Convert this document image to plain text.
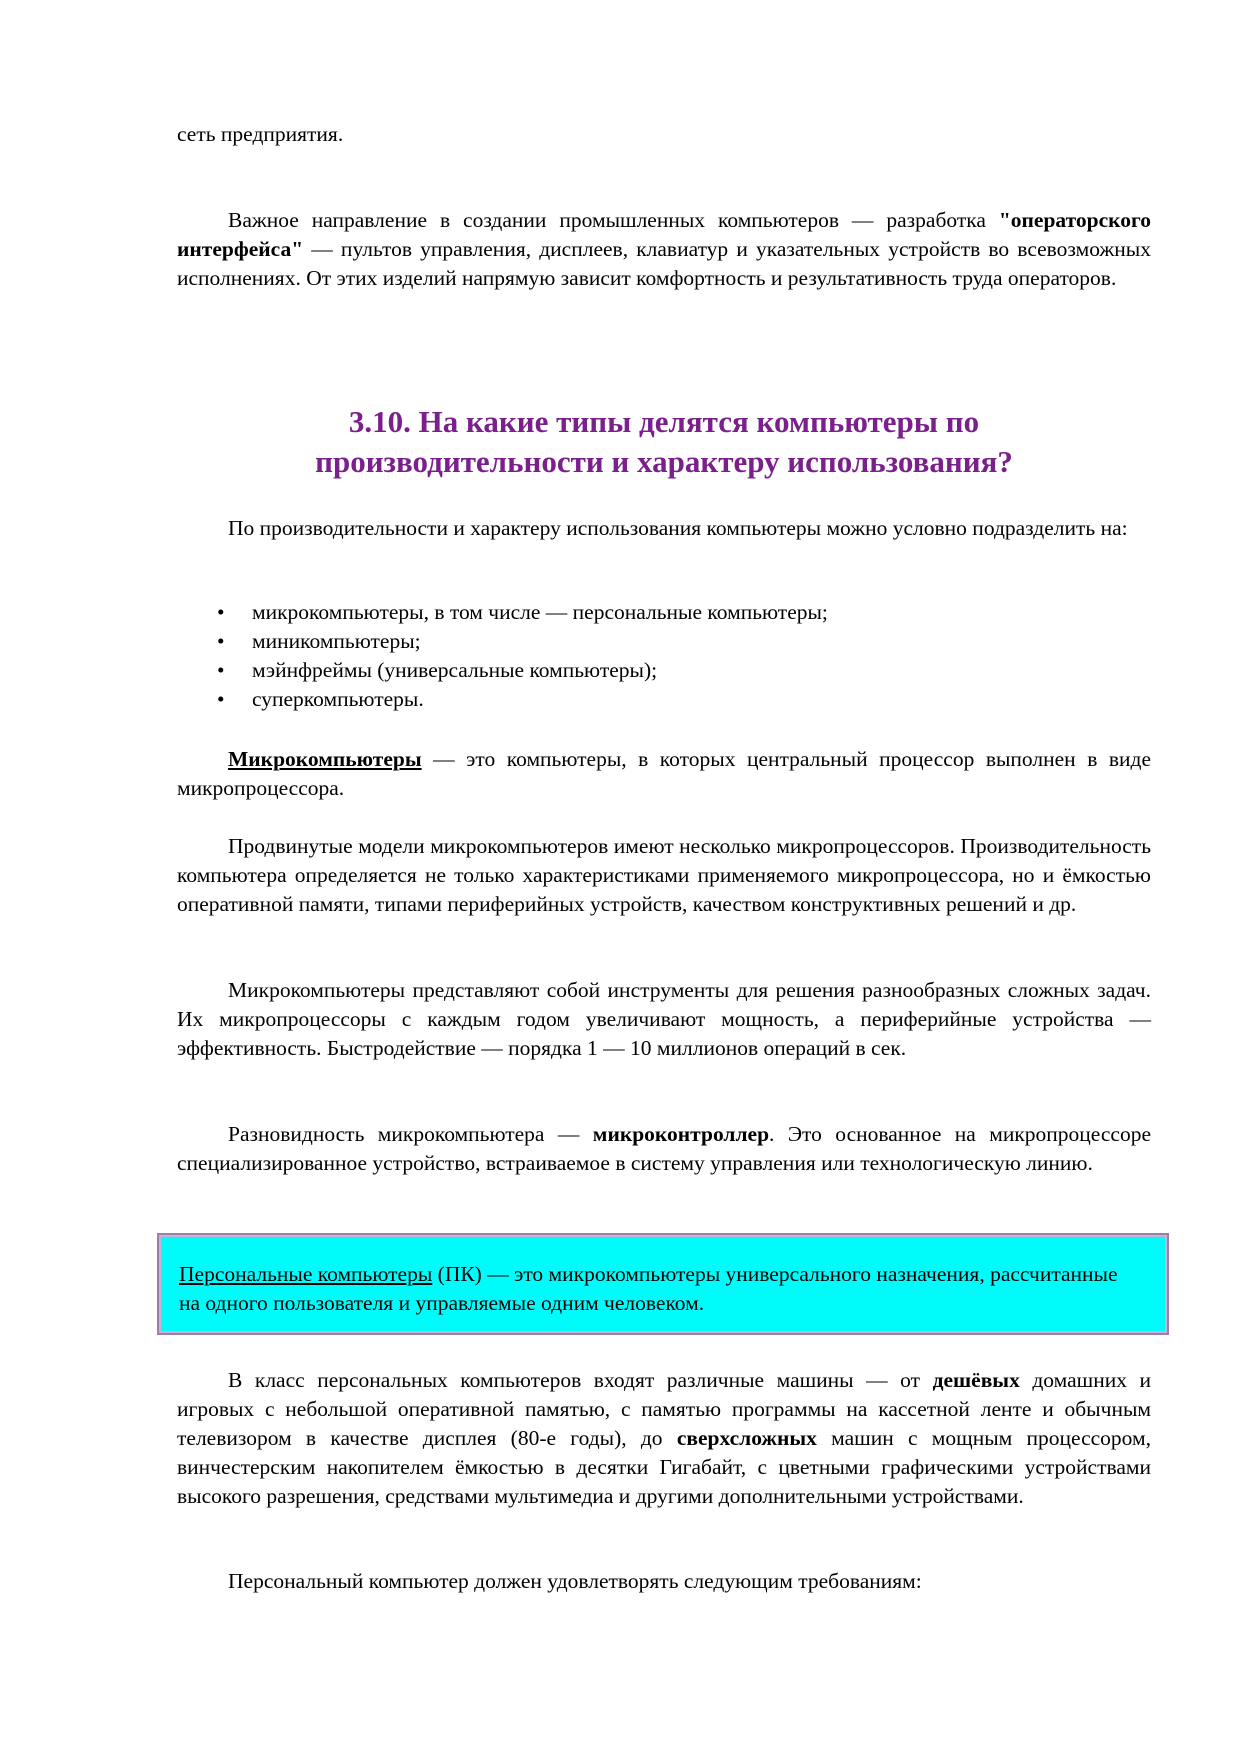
сеть предприятия.

Важное направление в создании промышленных компьютеров — разработка "операторского интерфейса" — пультов управления, дисплеев, клавиатур и указательных устройств во всевозможных исполнениях. От этих изделий напрямую зависит комфортность и результативность труда операторов.

3.10. На какие типы делятся компьютеры по
производительности и характеру использования?

По производительности и характеру использования компьютеры можно условно подразделить на:

• микрокомпьютеры, в том числе — персональные компьютеры;
• миникомпьютеры;
• мэйнфреймы (универсальные компьютеры);
• суперкомпьютеры.

Микрокомпьютеры — это компьютеры, в которых центральный процессор выполнен в виде микропроцессора.

Продвинутые модели микрокомпьютеров имеют несколько микропроцессоров. Производительность компьютера определяется не только характеристиками применяемого микропроцессора, но и ёмкостью оперативной памяти, типами периферийных устройств, качеством конструктивных решений и др.

Микрокомпьютеры представляют собой инструменты для решения разнообразных сложных задач. Их микропроцессоры с каждым годом увеличивают мощность, а периферийные устройства — эффективность. Быстродействие — порядка 1 — 10 миллионов операций в сек.

Разновидность микрокомпьютера — микроконтроллер. Это основанное на микропроцессоре специализированное устройство, встраиваемое в систему управления или технологическую линию.

Персональные компьютеры (ПК) — это микрокомпьютеры универсального назначения, рассчитанные на одного пользователя и управляемые одним человеком.

В класс персональных компьютеров входят различные машины — от дешёвых домашних и игровых с небольшой оперативной памятью, с памятью программы на кассетной ленте и обычным телевизором в качестве дисплея (80-е годы), до сверхсложных машин с мощным процессором, винчестерским накопителем ёмкостью в десятки Гигабайт, с цветными графическими устройствами высокого разрешения, средствами мультимедиа и другими дополнительными устройствами.

Персональный компьютер должен удовлетворять следующим требованиям:
